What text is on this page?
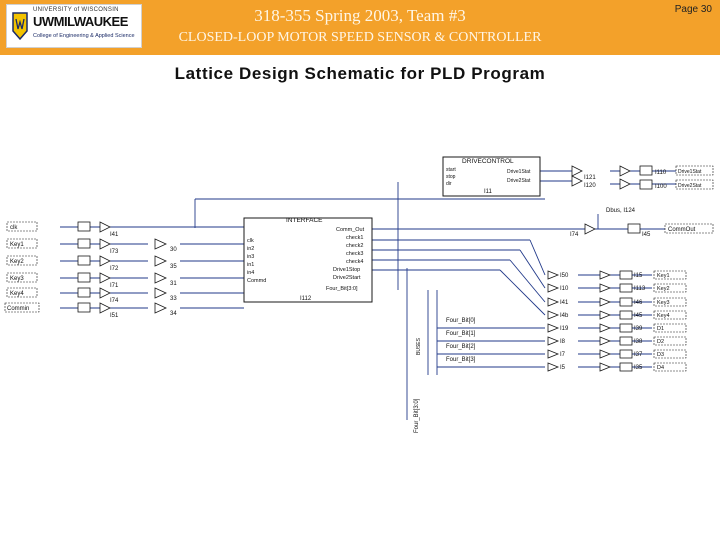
UNIVERSITY of WISCONSIN
UWMILWAUKEE
College of Engineering & Applied Science
318-355 Spring 2003, Team #3
CLOSED-LOOP MOTOR SPEED SENSOR & CONTROLLER
Page 30
Lattice Design Schematic for PLD Program
DRIVECONTROL
start
stop
dir
Drive1Stat
Drive2Stat
I11
I121
I120
I110
I100
Drive1Stat
Drive2Stat
INTERFACE
clk
in2
in3
in1
in4
Commd
Comm_Out
check1
check2
check3
check4
Drive1Stop
Drive2Start
Four_Bit[3:0]
I112
clk
Key1
Key2
Key3
Key4
Commin
I41
I73
I72
I71
I74
I51
30
35
31
33
34
Dbus, I124
I74	I45
CommOut
Four_Bit[0]
Four_Bit[1]
Four_Bit[2]
Four_Bit[3]
Four_Bit[3:0]
BUSES
I50	I15	Key1
I10	I113 Key2
I41	I46	Key3
I4b	I45	Key4
I19	I39	D1
I8	I38	D2
I7	I37	D3
I5	I35	D4
